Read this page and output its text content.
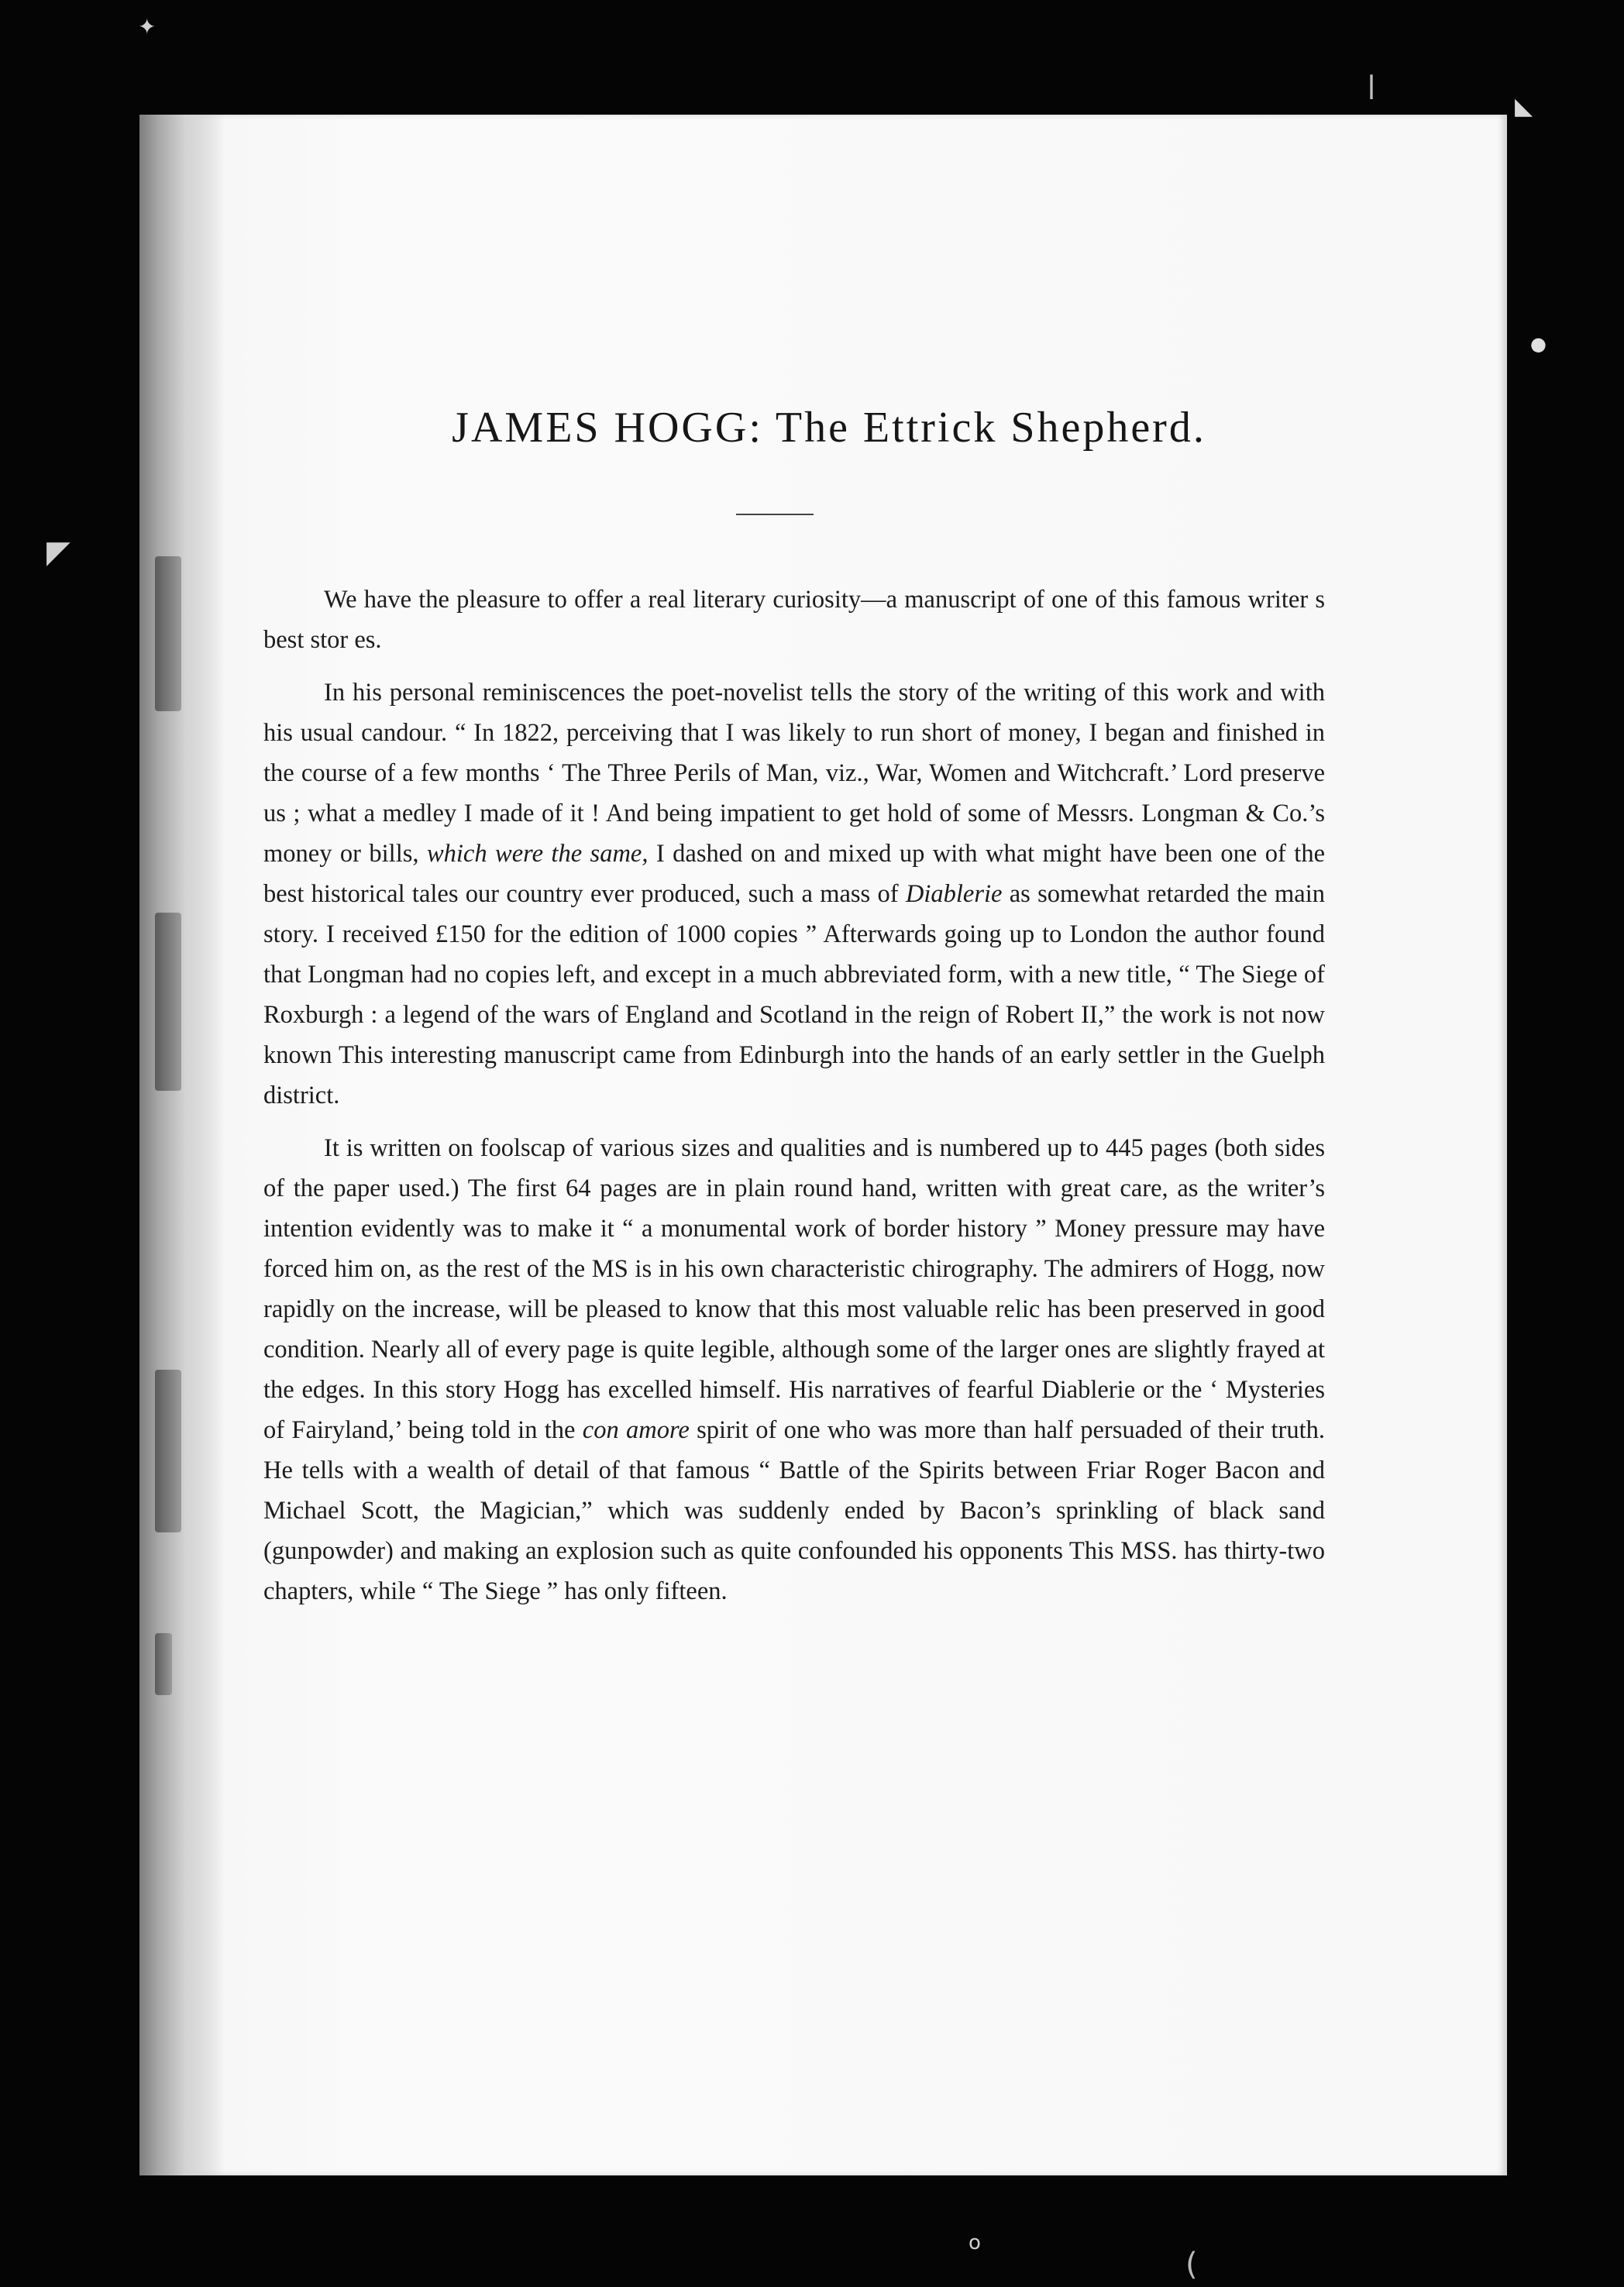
JAMES HOGG: The Ettrick Shepherd.

We have the pleasure to offer a real literary curiosity—a manuscript of one of this famous writer s best stor es.

In his personal reminiscences the poet-novelist tells the story of the writing of this work and with his usual candour. “ In 1822, perceiving that I was likely to run short of money, I began and finished in the course of a few months ‘ The Three Perils of Man, viz., War, Women and Witchcraft.’ Lord preserve us ; what a medley I made of it ! And being impatient to get hold of some of Messrs. Longman & Co.’s money or bills, which were the same, I dashed on and mixed up with what might have been one of the best historical tales our country ever produced, such a mass of Diablerie as somewhat retarded the main story. I received £150 for the edition of 1000 copies ” Afterwards going up to London the author found that Longman had no copies left, and except in a much abbreviated form, with a new title, “ The Siege of Roxburgh : a legend of the wars of England and Scotland in the reign of Robert II,” the work is not now known This interesting manuscript came from Edinburgh into the hands of an early settler in the Guelph district.

It is written on foolscap of various sizes and qualities and is numbered up to 445 pages (both sides of the paper used.) The first 64 pages are in plain round hand, written with great care, as the writer’s intention evidently was to make it “ a monumental work of border history ” Money pressure may have forced him on, as the rest of the MS is in his own characteristic chirography. The admirers of Hogg, now rapidly on the increase, will be pleased to know that this most valuable relic has been preserved in good condition. Nearly all of every page is quite legible, although some of the larger ones are slightly frayed at the edges. In this story Hogg has excelled himself. His narratives of fearful Diablerie or the ‘ Mysteries of Fairyland,’ being told in the con amore spirit of one who was more than half persuaded of their truth. He tells with a wealth of detail of that famous “ Battle of the Spirits between Friar Roger Bacon and Michael Scott, the Magician,” which was suddenly ended by Bacon’s sprinkling of black sand (gunpowder) and making an explosion such as quite confounded his opponents This MSS. has thirty-two chapters, while “ The Siege ” has only fifteen.

✦
ǀ
◣
◤
●
o
(
